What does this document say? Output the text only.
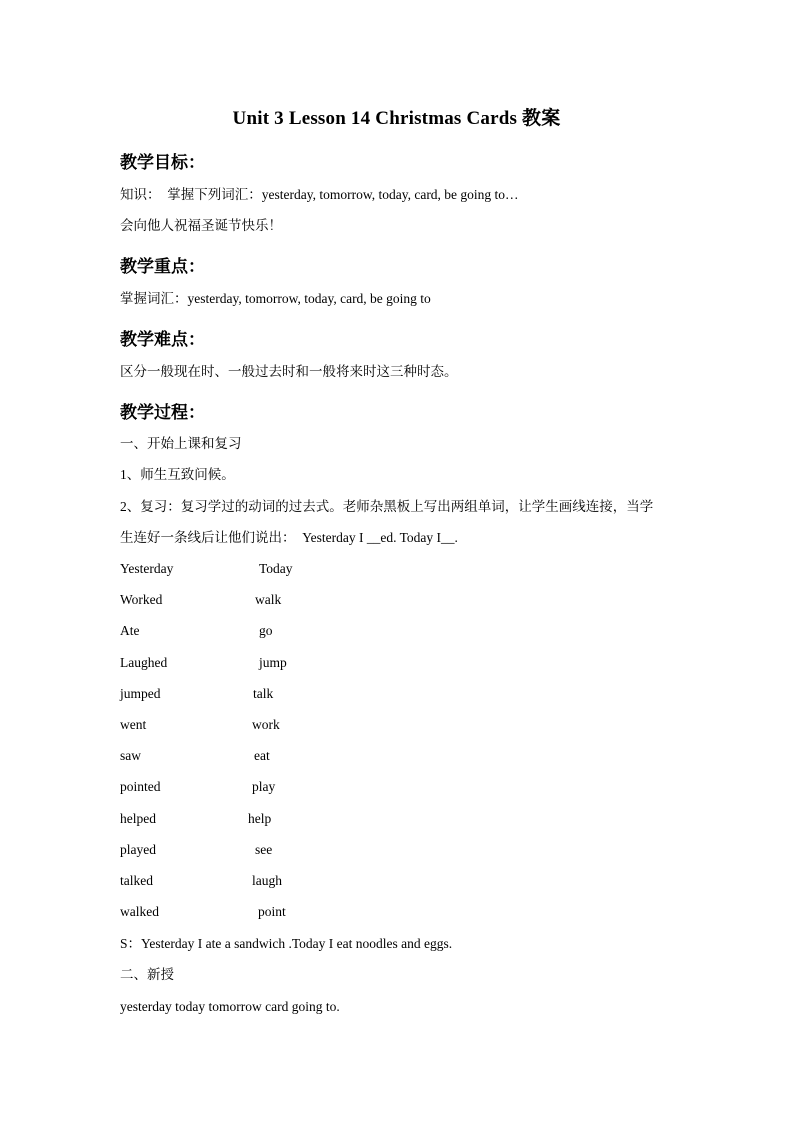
Unit 3 Lesson 14 Christmas Cards 教案
教学目标：
知识：  掌握下列词汇：yesterday, tomorrow, today, card, be going to…
会向他人祝福圣诞节快乐！
教学重点：
掌握词汇：yesterday, tomorrow, today, card, be going to
教学难点：
区分一般现在时、一般过去时和一般将来时这三种时态。
教学过程：
一、开始上课和复习
1、师生互致问候。
2、复习：复习学过的动词的过去式。老师杂黑板上写出两组单词，让学生画线连接，当学
生连好一条线后让他们说出：  Yesterday I __ed. Today I__.
Yesterday	Today
Worked	walk
Ate	go
Laughed	jump
jumped	talk
went	work
saw	eat
pointed	play
helped	help
played	see
talked	laugh
walked	point
S：Yesterday I ate a sandwich .Today I eat noodles and eggs.
二、新授
yesterday today tomorrow card going to.
